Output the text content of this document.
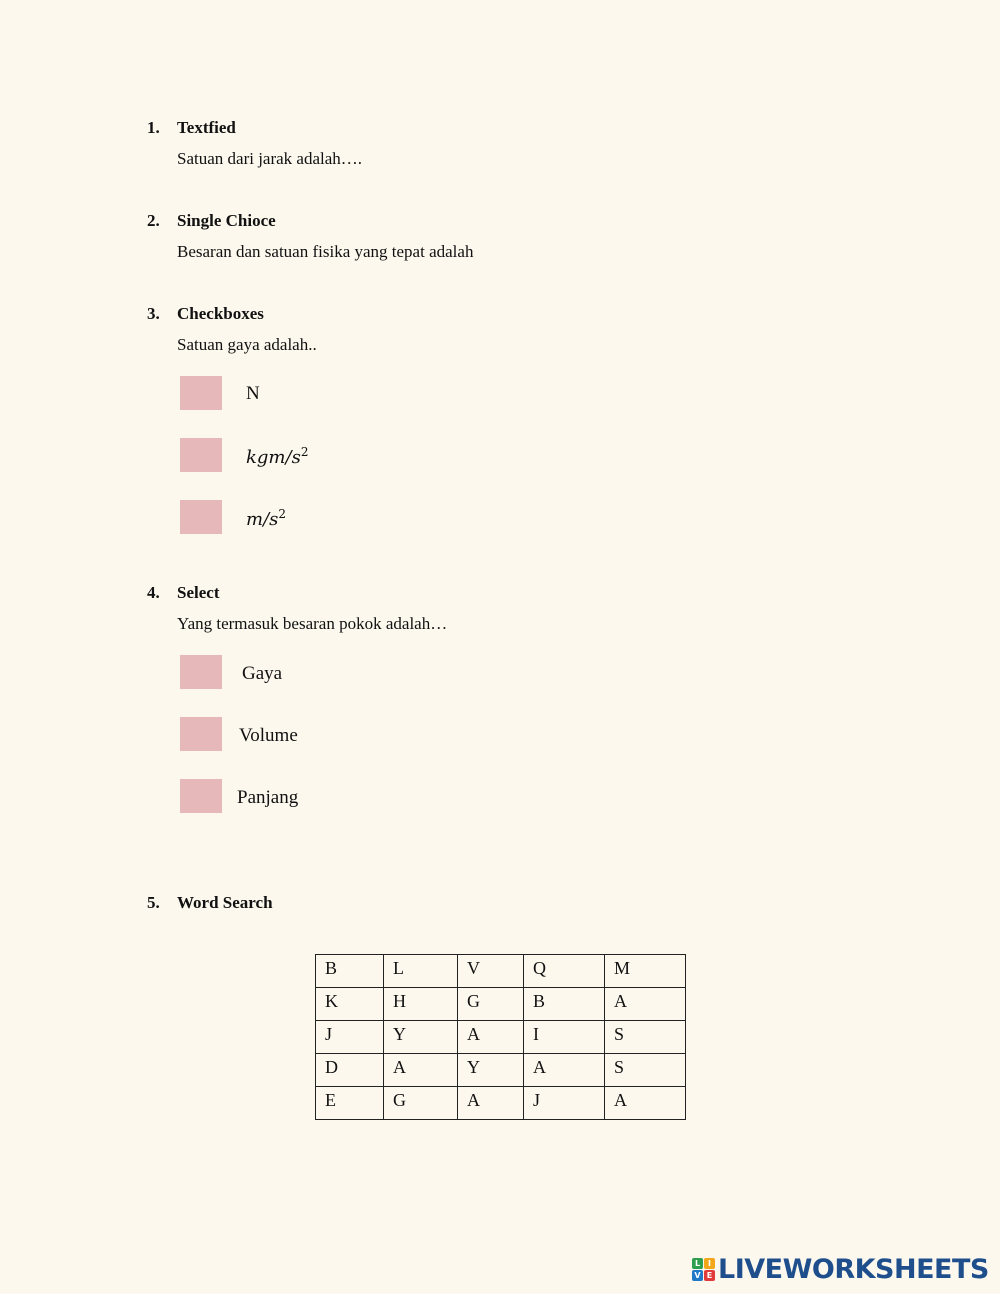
1. Textfied
Satuan dari jarak adalah….
2. Single Chioce
Besaran dan satuan fisika yang tepat adalah
3. Checkboxes
Satuan gaya adalah..
N
kgm/$s^2$
$m/s^2$
4. Select
Yang termasuk besaran pokok adalah…
Gaya
Volume
Panjang
5. Word Search
B	L	V	Q	M
K	H	G	B	A
J	Y	A	I	S
D	A	Y	A	S
E	G	A	J	A
L I
V E LIVEWORKSHEETS
